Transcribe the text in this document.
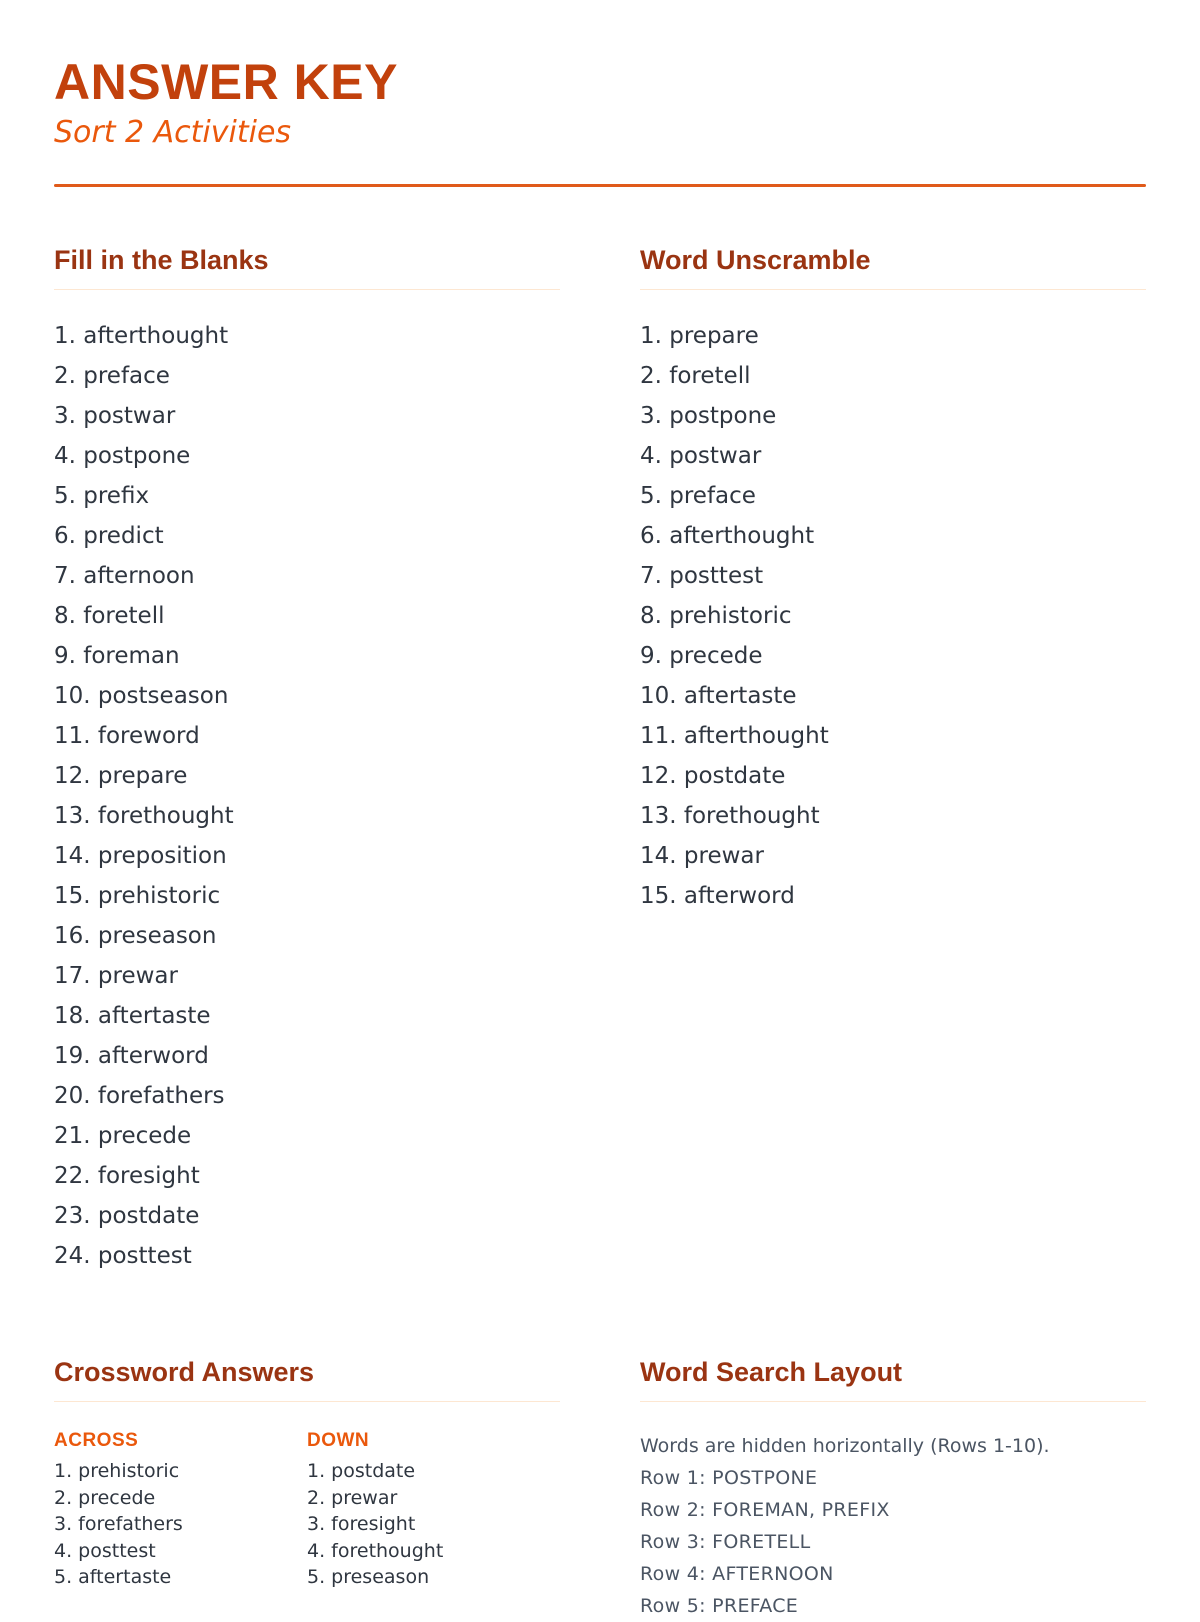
ANSWER KEY
Sort 2 Activities
Fill in the Blanks
1. afterthought
2. preface
3. postwar
4. postpone
5. prefix
6. predict
7. afternoon
8. foretell
9. foreman
10. postseason
11. foreword
12. prepare
13. forethought
14. preposition
15. prehistoric
16. preseason
17. prewar
18. aftertaste
19. afterword
20. forefathers
21. precede
22. foresight
23. postdate
24. posttest
Word Unscramble
1. prepare
2. foretell
3. postpone
4. postwar
5. preface
6. afterthought
7. posttest
8. prehistoric
9. precede
10. aftertaste
11. afterthought
12. postdate
13. forethought
14. prewar
15. afterword
Crossword Answers
ACROSS
1. prehistoric
2. precede
3. forefathers
4. posttest
5. aftertaste
DOWN
1. postdate
2. prewar
3. foresight
4. forethought
5. preseason
Word Search Layout
Words are hidden horizontally (Rows 1-10).
Row 1: POSTPONE
Row 2: FOREMAN, PREFIX
Row 3: FORETELL
Row 4: AFTERNOON
Row 5: PREFACE
